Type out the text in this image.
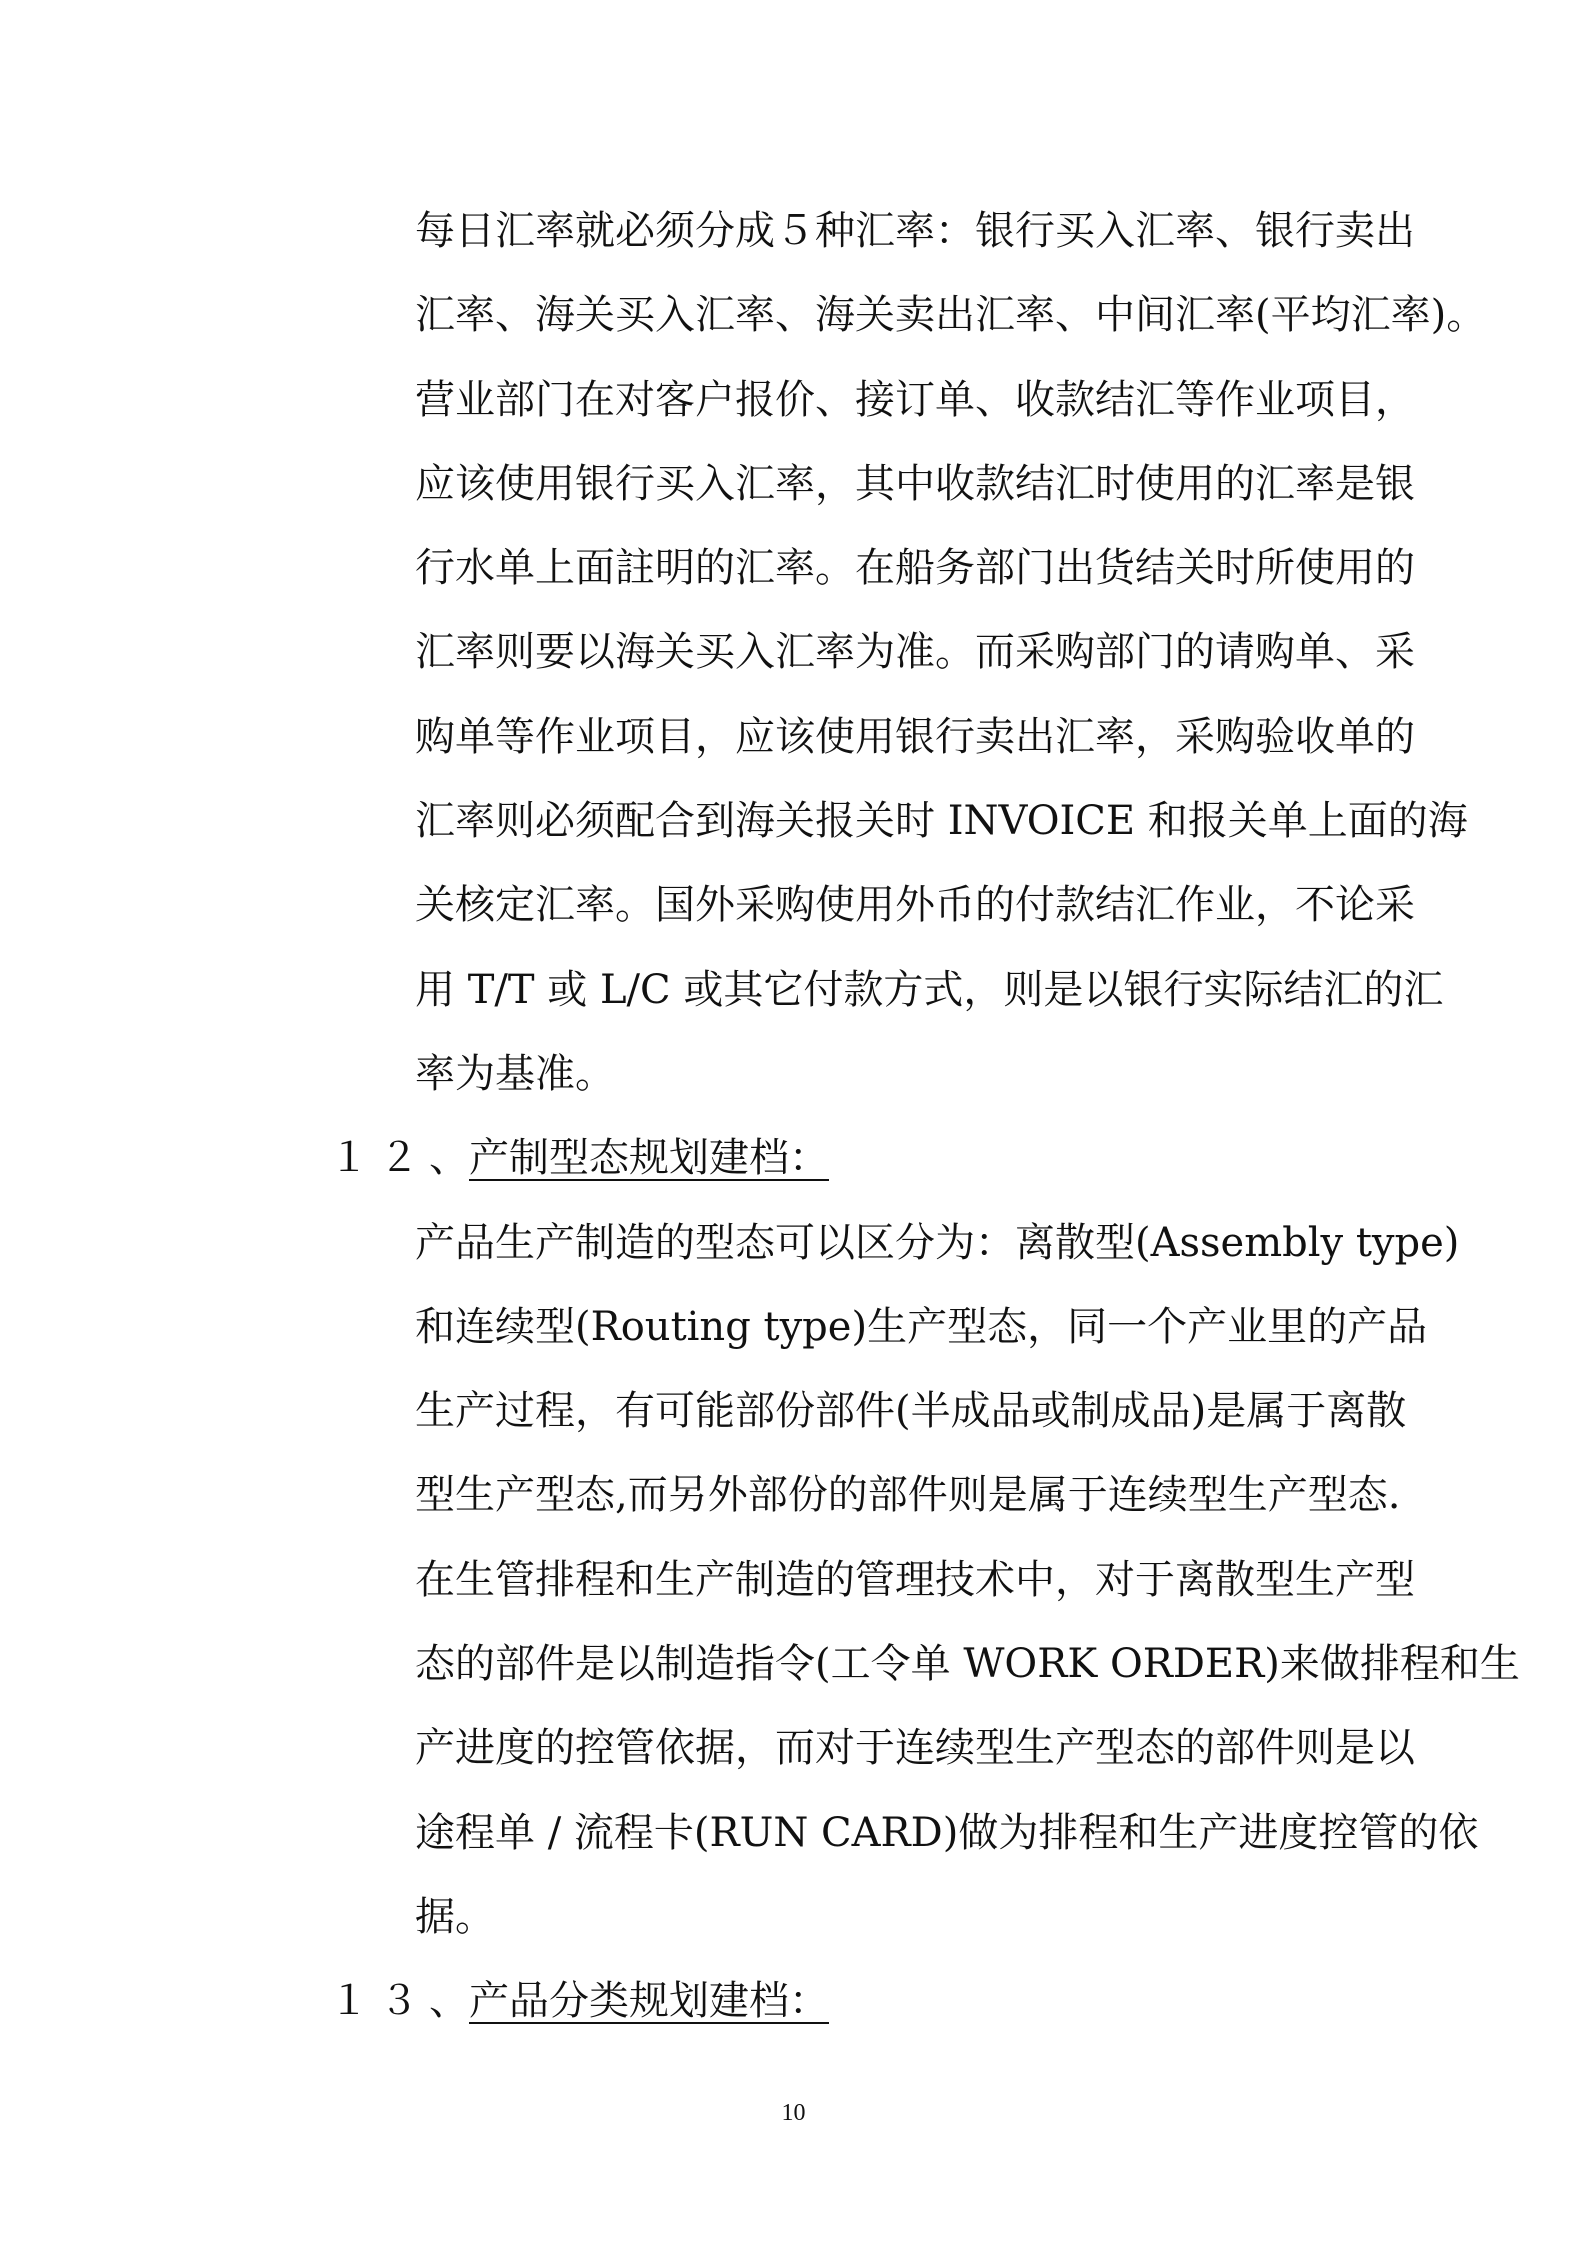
每日汇率就必须分成５种汇率：银行买入汇率、银行卖出
汇率、海关买入汇率、海关卖出汇率、中间汇率(平均汇率)。
营业部门在对客户报价、接订单、收款结汇等作业项目，
应该使用银行买入汇率，其中收款结汇时使用的汇率是银
行水单上面註明的汇率。在船务部门出货结关时所使用的
汇率则要以海关买入汇率为准。而采购部门的请购单、采
购单等作业项目，应该使用银行卖出汇率，采购验收单的
汇率则必须配合到海关报关时 INVOICE 和报关单上面的海
关核定汇率。国外采购使用外币的付款结汇作业，不论采
用 T/T 或 L/C 或其它付款方式，则是以银行实际结汇的汇
率为基准。
１２、
产制型态规划建档：
产品生产制造的型态可以区分为：离散型(Assembly type)
和连续型(Routing type)生产型态，同一个产业里的产品
生产过程，有可能部份部件(半成品或制成品)是属于离散
型生产型态,而另外部份的部件则是属于连续型生产型态.
在生管排程和生产制造的管理技术中，对于离散型生产型
态的部件是以制造指令(工令单 WORK ORDER)来做排程和生
产进度的控管依据，而对于连续型生产型态的部件则是以
途程单 / 流程卡(RUN CARD)做为排程和生产进度控管的依
据。
１３、
产品分类规划建档：
10
